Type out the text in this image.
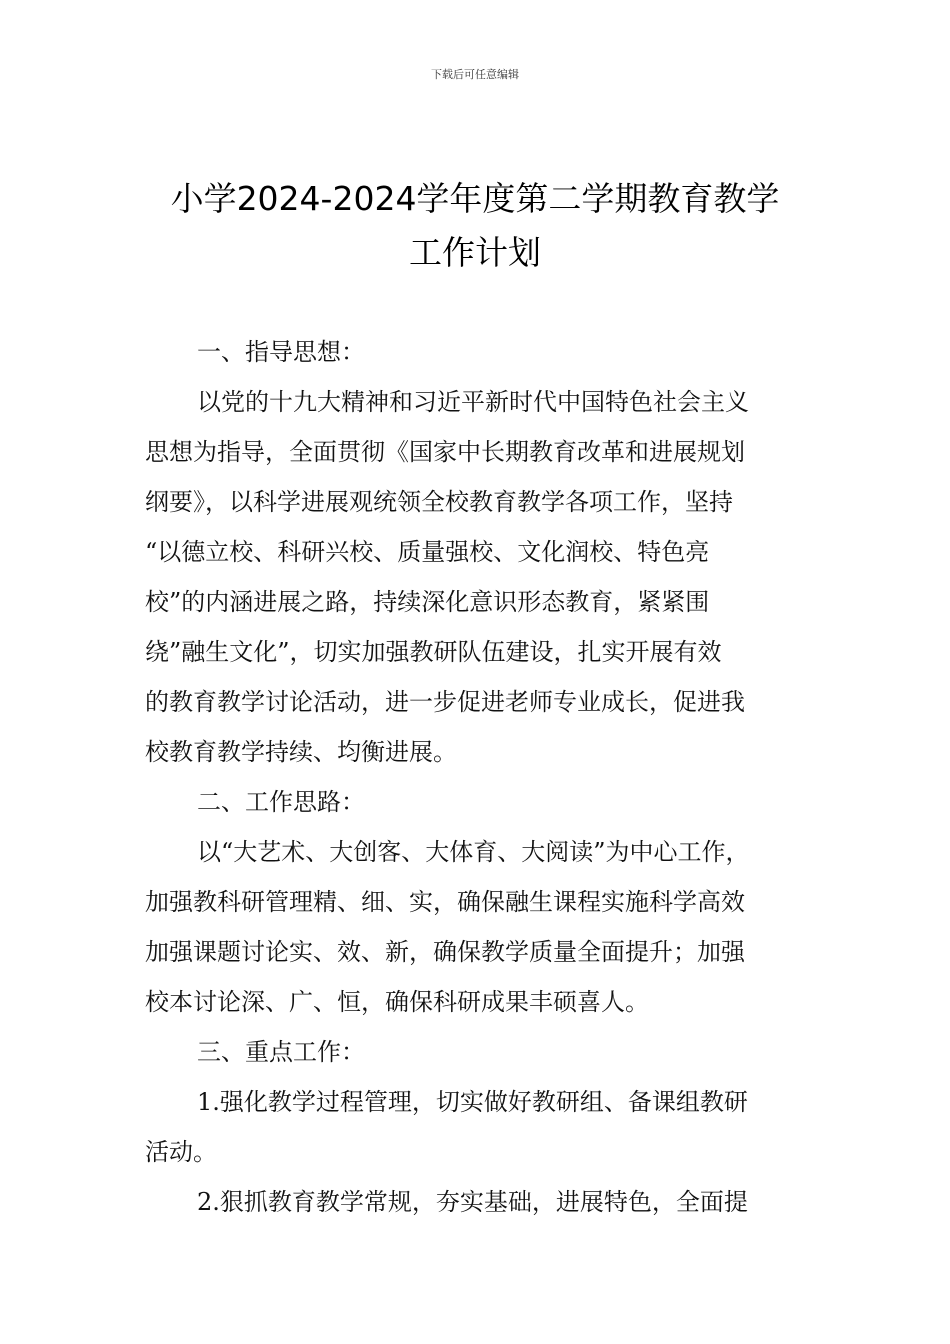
下载后可任意编辑
小学2024-2024学年度第二学期教育教学
工作计划
一、指导思想：
以党的十九大精神和习近平新时代中国特色社会主义
思想为指导，全面贯彻《国家中长期教育改革和进展规划
纲要》，以科学进展观统领全校教育教学各项工作，坚持
“以德立校、科研兴校、质量强校、文化润校、特色亮
校”的内涵进展之路，持续深化意识形态教育，紧紧围
绕”融生文化”，切实加强教研队伍建设，扎实开展有效
的教育教学讨论活动，进一步促进老师专业成长，促进我
校教育教学持续、均衡进展。
二、工作思路：
以“大艺术、大创客、大体育、大阅读”为中心工作，
加强教科研管理精、细、实，确保融生课程实施科学高效
加强课题讨论实、效、新，确保教学质量全面提升；加强
校本讨论深、广、恒，确保科研成果丰硕喜人。
三、重点工作：
1.强化教学过程管理，切实做好教研组、备课组教研
活动。
2.狠抓教育教学常规，夯实基础，进展特色，全面提
